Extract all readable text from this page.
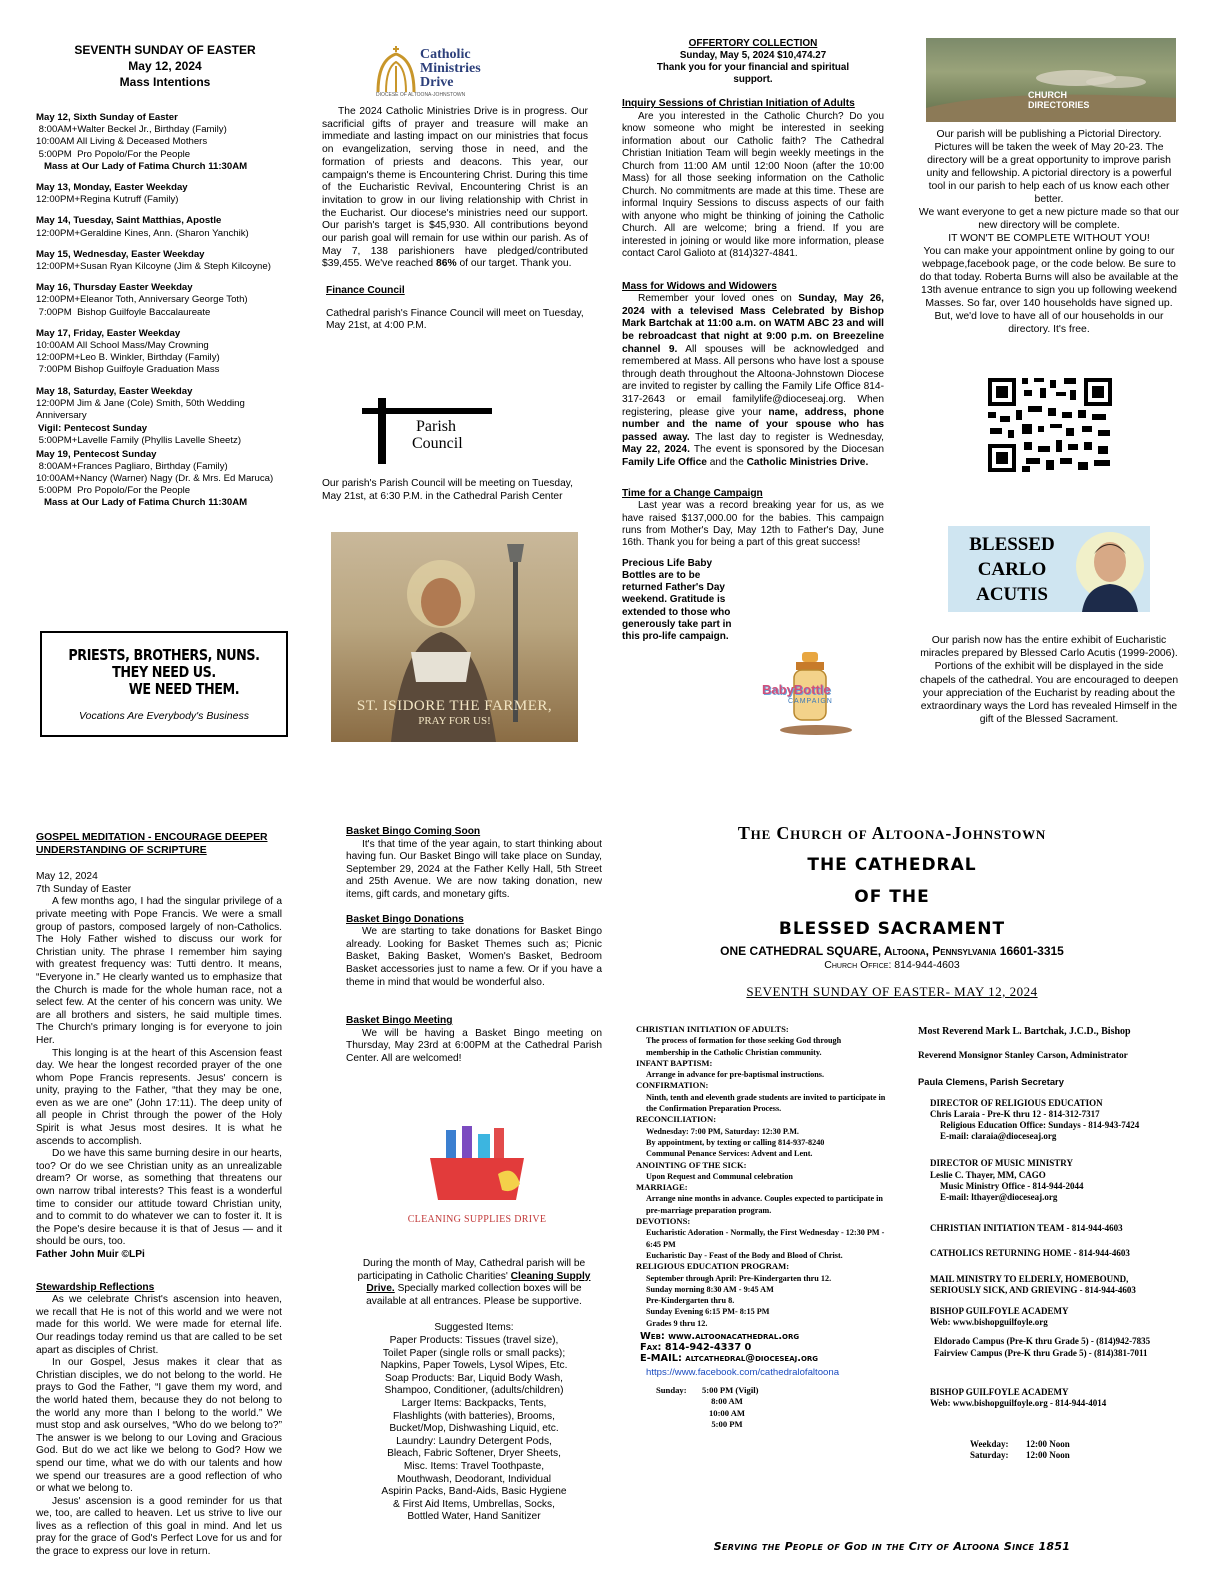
SEVENTH SUNDAY OF EASTER
May 12, 2024
Mass Intentions
May 12, Sixth Sunday of Easter
8:00AM+Walter Beckel Jr., Birthday (Family)
10:00AM All Living & Deceased Mothers
5:00PM  Pro Popolo/For the People
Mass at Our Lady of Fatima Church 11:30AM
May 13, Monday, Easter Weekday
12:00PM+Regina Kutruff (Family)
May 14, Tuesday, Saint Matthias, Apostle
12:00PM+Geraldine Kines, Ann. (Sharon Yanchik)
May 15, Wednesday, Easter Weekday
12:00PM+Susan Ryan Kilcoyne (Jim & Steph Kilcoyne)
May 16, Thursday Easter Weekday
12:00PM+Eleanor Toth, Anniversary George Toth)
7:00PM  Bishop Guilfoyle Baccalaureate
May 17, Friday, Easter Weekday
10:00AM All School Mass/May Crowning
12:00PM+Leo B. Winkler, Birthday (Family)
7:00PM Bishop Guilfoyle Graduation Mass
May 18, Saturday, Easter Weekday
12:00PM Jim & Jane (Cole) Smith, 50th Wedding Anniversary
Vigil: Pentecost Sunday
5:00PM+Lavelle Family (Phyllis Lavelle Sheetz)
May 19, Pentecost Sunday
8:00AM+Frances Pagliaro, Birthday (Family)
10:00AM+Nancy (Warner) Nagy (Dr. & Mrs. Ed Maruca)
5:00PM  Pro Popolo/For the People
Mass at Our Lady of Fatima Church 11:30AM
PRIESTS, BROTHERS, NUNS.
THEY NEED US.
WE NEED THEM.
Vocations Are Everybody's Business
Catholic
Ministries
Drive
DIOCESE OF ALTOONA-JOHNSTOWN

The 2024 Catholic Ministries Drive is in progress. Our sacrificial gifts of prayer and treasure will make an immediate and lasting impact on our ministries that focus on evangelization, serving those in need, and the formation of priests and deacons. This year, our campaign's theme is Encountering Christ. During this time of the Eucharistic Revival, Encountering Christ is an invitation to grow in our living relationship with Christ in the Eucharist. Our diocese's ministries need our support. Our parish's target is $45,930. All contributions beyond our parish goal will remain for use within our parish. As of May 7, 138 parishioners have pledged/contributed $39,455. We've reached 86% of our target. Thank you.

Finance Council

Cathedral parish's Finance Council will meet on Tuesday, May 21st, at 4:00 P.M.

Parish
Council

Our parish's Parish Council will be meeting on Tuesday, May 21st, at 6:30 P.M. in the Cathedral Parish Center

ST. ISIDORE THE FARMER,
PRAY FOR US!
OFFERTORY COLLECTION
Sunday, May 5, 2024 $10,474.27
Thank you for your financial and spiritual support.
Inquiry Sessions of Christian Initiation of Adults

Are you interested in the Catholic Church? Do you know someone who might be interested in seeking information about our Catholic faith? The Cathedral Christian Initiation Team will begin weekly meetings in the Church from 11:00 AM until 12:00 Noon (after the 10:00 Mass) for all those seeking information on the Catholic Church. No commitments are made at this time. These are informal Inquiry Sessions to discuss aspects of our faith with anyone who might be thinking of joining the Catholic Church. All are welcome; bring a friend. If you are interested in joining or would like more information, please contact Carol Galioto at (814)327-4841.

Mass for Widows and Widowers

Remember your loved ones on Sunday, May 26, 2024 with a televised Mass Celebrated by Bishop Mark Bartchak at 11:00 a.m. on WATM ABC 23 and will be rebroadcast that night at 9:00 p.m. on Breezeline channel 9. All spouses will be acknowledged and remembered at Mass. All persons who have lost a spouse through death throughout the Altoona-Johnstown Diocese are invited to register by calling the Family Life Office 814-317-2643 or email familylife@dioceseaj.org. When registering, please give your name, address, phone number and the name of your spouse who has passed away. The last day to register is Wednesday, May 22, 2024. The event is sponsored by the Diocesan Family Life Office and the Catholic Ministries Drive.

Time for a Change Campaign

Last year was a record breaking year for us, as we have raised $137,000.00 for the babies. This campaign runs from Mother's Day, May 12th to Father's Day, June 16th. Thank you for being a part of this great success!

Precious Life Baby Bottles are to be returned Father's Day weekend. Gratitude is extended to those who generously take part in this pro-life campaign.

BabyBottle
CAMPAIGN
CHURCH
DIRECTORIES

Our parish will be publishing a Pictorial Directory. Pictures will be taken the week of May 20-23. The directory will be a great opportunity to improve parish unity and fellowship. A pictorial directory is a powerful tool in our parish to help each of us know each other better.

We want everyone to get a new picture made so that our new directory will be complete.

IT WON'T BE COMPLETE WITHOUT YOU!

You can make your appointment online by going to our webpage,facebook page, or the code below. Be sure to do that today. Roberta Burns will also be available at the 13th avenue entrance to sign you up following weekend Masses. So far, over 140 households have signed up. But, we'd love to have all of our households in our directory. It's free.

BLESSED
CARLO
ACUTIS

Our parish now has the entire exhibit of Eucharistic miracles prepared by Blessed Carlo Acutis (1999-2006). Portions of the exhibit will be displayed in the side chapels of the cathedral. You are encouraged to deepen your appreciation of the Eucharist by reading about the extraordinary ways the Lord has revealed Himself in the gift of the Blessed Sacrament.

GOSPEL MEDITATION - ENCOURAGE DEEPER UNDERSTANDING OF SCRIPTURE

May 12, 2024

7th Sunday of Easter

A few months ago, I had the singular privilege of a private meeting with Pope Francis. We were a small group of pastors, composed largely of non-Catholics. The Holy Father wished to discuss our work for Christian unity. The phrase I remember him saying with greatest frequency was: Tutti dentro. It means, “Everyone in.” He clearly wanted us to emphasize that the Church is made for the whole human race, not a select few. At the center of his concern was unity. We are all brothers and sisters, he said multiple times. The Church's primary longing is for everyone to join Her.

This longing is at the heart of this Ascension feast day. We hear the longest recorded prayer of the one whom Pope Francis represents. Jesus' concern is unity, praying to the Father, “that they may be one, even as we are one” (John 17:11). The deep unity of all people in Christ through the power of the Holy Spirit is what Jesus most desires. It is what he ascends to accomplish.

Do we have this same burning desire in our hearts, too? Or do we see Christian unity as an unrealizable dream? Or worse, as something that threatens our own narrow tribal interests? This feast is a wonderful time to consider our attitude toward Christian unity, and to commit to do whatever we can to foster it. It is the Pope's desire because it is that of Jesus — and it should be ours, too.

Father John Muir ©LPi

Stewardship Reflections

As we celebrate Christ's ascension into heaven, we recall that He is not of this world and we were not made for this world. We were made for eternal life. Our readings today remind us that are called to be set apart as disciples of Christ.

In our Gospel, Jesus makes it clear that as Christian disciples, we do not belong to the world. He prays to God the Father, “I gave them my word, and the world hated them, because they do not belong to the world any more than I belong to the world.” We must stop and ask ourselves, “Who do we belong to?” The answer is we belong to our Loving and Gracious God. But do we act like we belong to God? How we spend our time, what we do with our talents and how we spend our treasures are a good reflection of who or what we belong to.

Jesus' ascension is a good reminder for us that we, too, are called to heaven. Let us strive to live our lives as a reflection of this goal in mind. And let us pray for the grace of God's Perfect Love for us and for the grace to express our love in return.

Basket Bingo Coming Soon

It's that time of the year again, to start thinking about having fun. Our Basket Bingo will take place on Sunday, September 29, 2024 at the Father Kelly Hall, 5th Street and 25th Avenue. We are now taking donation, new items, gift cards, and monetary gifts.

Basket Bingo Donations

We are starting to take donations for Basket Bingo already. Looking for Basket Themes such as; Picnic Basket, Baking Basket, Women's Basket, Bedroom Basket accessories just to name a few. Or if you have a theme in mind that would be wonderful also.

Basket Bingo Meeting

We will be having a Basket Bingo meeting on Thursday, May 23rd at 6:00PM at the Cathedral Parish Center. All are welcomed!

CLEANING SUPPLIES DRIVE

During the month of May, Cathedral parish will be participating in Catholic Charities' Cleaning Supply Drive. Specially marked collection boxes will be available at all entrances. Please be supportive.

Suggested Items:

Paper Products: Tissues (travel size),
Toilet Paper (single rolls or small packs);
Napkins, Paper Towels, Lysol Wipes, Etc.
Soap Products: Bar, Liquid Body Wash,
Shampoo, Conditioner, (adults/children)
Larger Items: Backpacks, Tents,
Flashlights (with batteries), Brooms,
Bucket/Mop, Dishwashing Liquid, etc.
Laundry: Laundry Detergent Pods,
Bleach, Fabric Softener, Dryer Sheets,
Misc. Items: Travel Toothpaste,
Mouthwash, Deodorant, Individual
Aspirin Packs, Band-Aids, Basic Hygiene
& First Aid Items, Umbrellas, Socks,
Bottled Water, Hand Sanitizer
The Church of Altoona-Johnstown
THE CATHEDRAL
OF THE
BLESSED SACRAMENT
ONE CATHEDRAL SQUARE, Altoona, Pennsylvania 16601-3315
Church Office: 814-944-4603
SEVENTH SUNDAY OF EASTER- MAY 12, 2024
CHRISTIAN INITIATION OF ADULTS:
The process of formation for those seeking God through membership in the Catholic Christian community.
INFANT BAPTISM:
Arrange in advance for pre-baptismal instructions.
CONFIRMATION:
Ninth, tenth and eleventh grade students are invited to participate in the Confirmation Preparation Process.
RECONCILIATION:
Wednesday: 7:00 PM, Saturday: 12:30 P.M.
By appointment, by texting or calling 814-937-8240
Communal Penance Services: Advent and Lent.
ANOINTING OF THE SICK:
Upon Request and Communal celebration
MARRIAGE:
Arrange nine months in advance. Couples expected to participate in pre-marriage preparation program.
DEVOTIONS:
Eucharistic Adoration - Normally, the First Wednesday - 12:30 PM - 6:45 PM
Eucharistic Day - Feast of the Body and Blood of Christ.
RELIGIOUS EDUCATION PROGRAM:
September through April: Pre-Kindergarten thru 12.
Sunday morning 8:30 AM - 9:45 AM
Pre-Kindergarten thru 8.
Sunday Evening 6:15 PM- 8:15 PM
Grades 9 thru 12.
Web: www.altoonacathedral.org
Fax: 814-942-4337 0
E-MAIL: altcathedral@dioceseaj.org
https://www.facebook.com/cathedralofaltoona
Sunday: 5:00 PM (Vigil)
8:00 AM
10:00 AM
5:00 PM
Most Reverend Mark L. Bartchak, J.C.D., Bishop
Reverend Monsignor Stanley Carson, Administrator
Paula Clemens, Parish Secretary
DIRECTOR OF RELIGIOUS EDUCATION
Chris Laraia - Pre-K thru 12 - 814-312-7317
Religious Education Office: Sundays - 814-943-7424
E-mail: claraia@dioceseaj.org
DIRECTOR OF MUSIC MINISTRY
Leslie C. Thayer, MM, CAGO
Music Ministry Office - 814-944-2044
E-mail: lthayer@dioceseaj.org
CHRISTIAN INITIATION TEAM - 814-944-4603
CATHOLICS RETURNING HOME - 814-944-4603
MAIL MINISTRY TO ELDERLY, HOMEBOUND, SERIOUSLY SICK, AND GRIEVING - 814-944-4603
BISHOP GUILFOYLE ACADEMY
Web: www.bishopguilfoyle.org
Eldorado Campus (Pre-K thru Grade 5) - (814)942-7835
Fairview Campus (Pre-K thru Grade 5) - (814)381-7011
BISHOP GUILFOYLE ACADEMY
Web: www.bishopguilfoyle.org - 814-944-4014
Weekday: 12:00 Noon
Saturday: 12:00 Noon
Serving the People of God in the City of Altoona Since 1851
